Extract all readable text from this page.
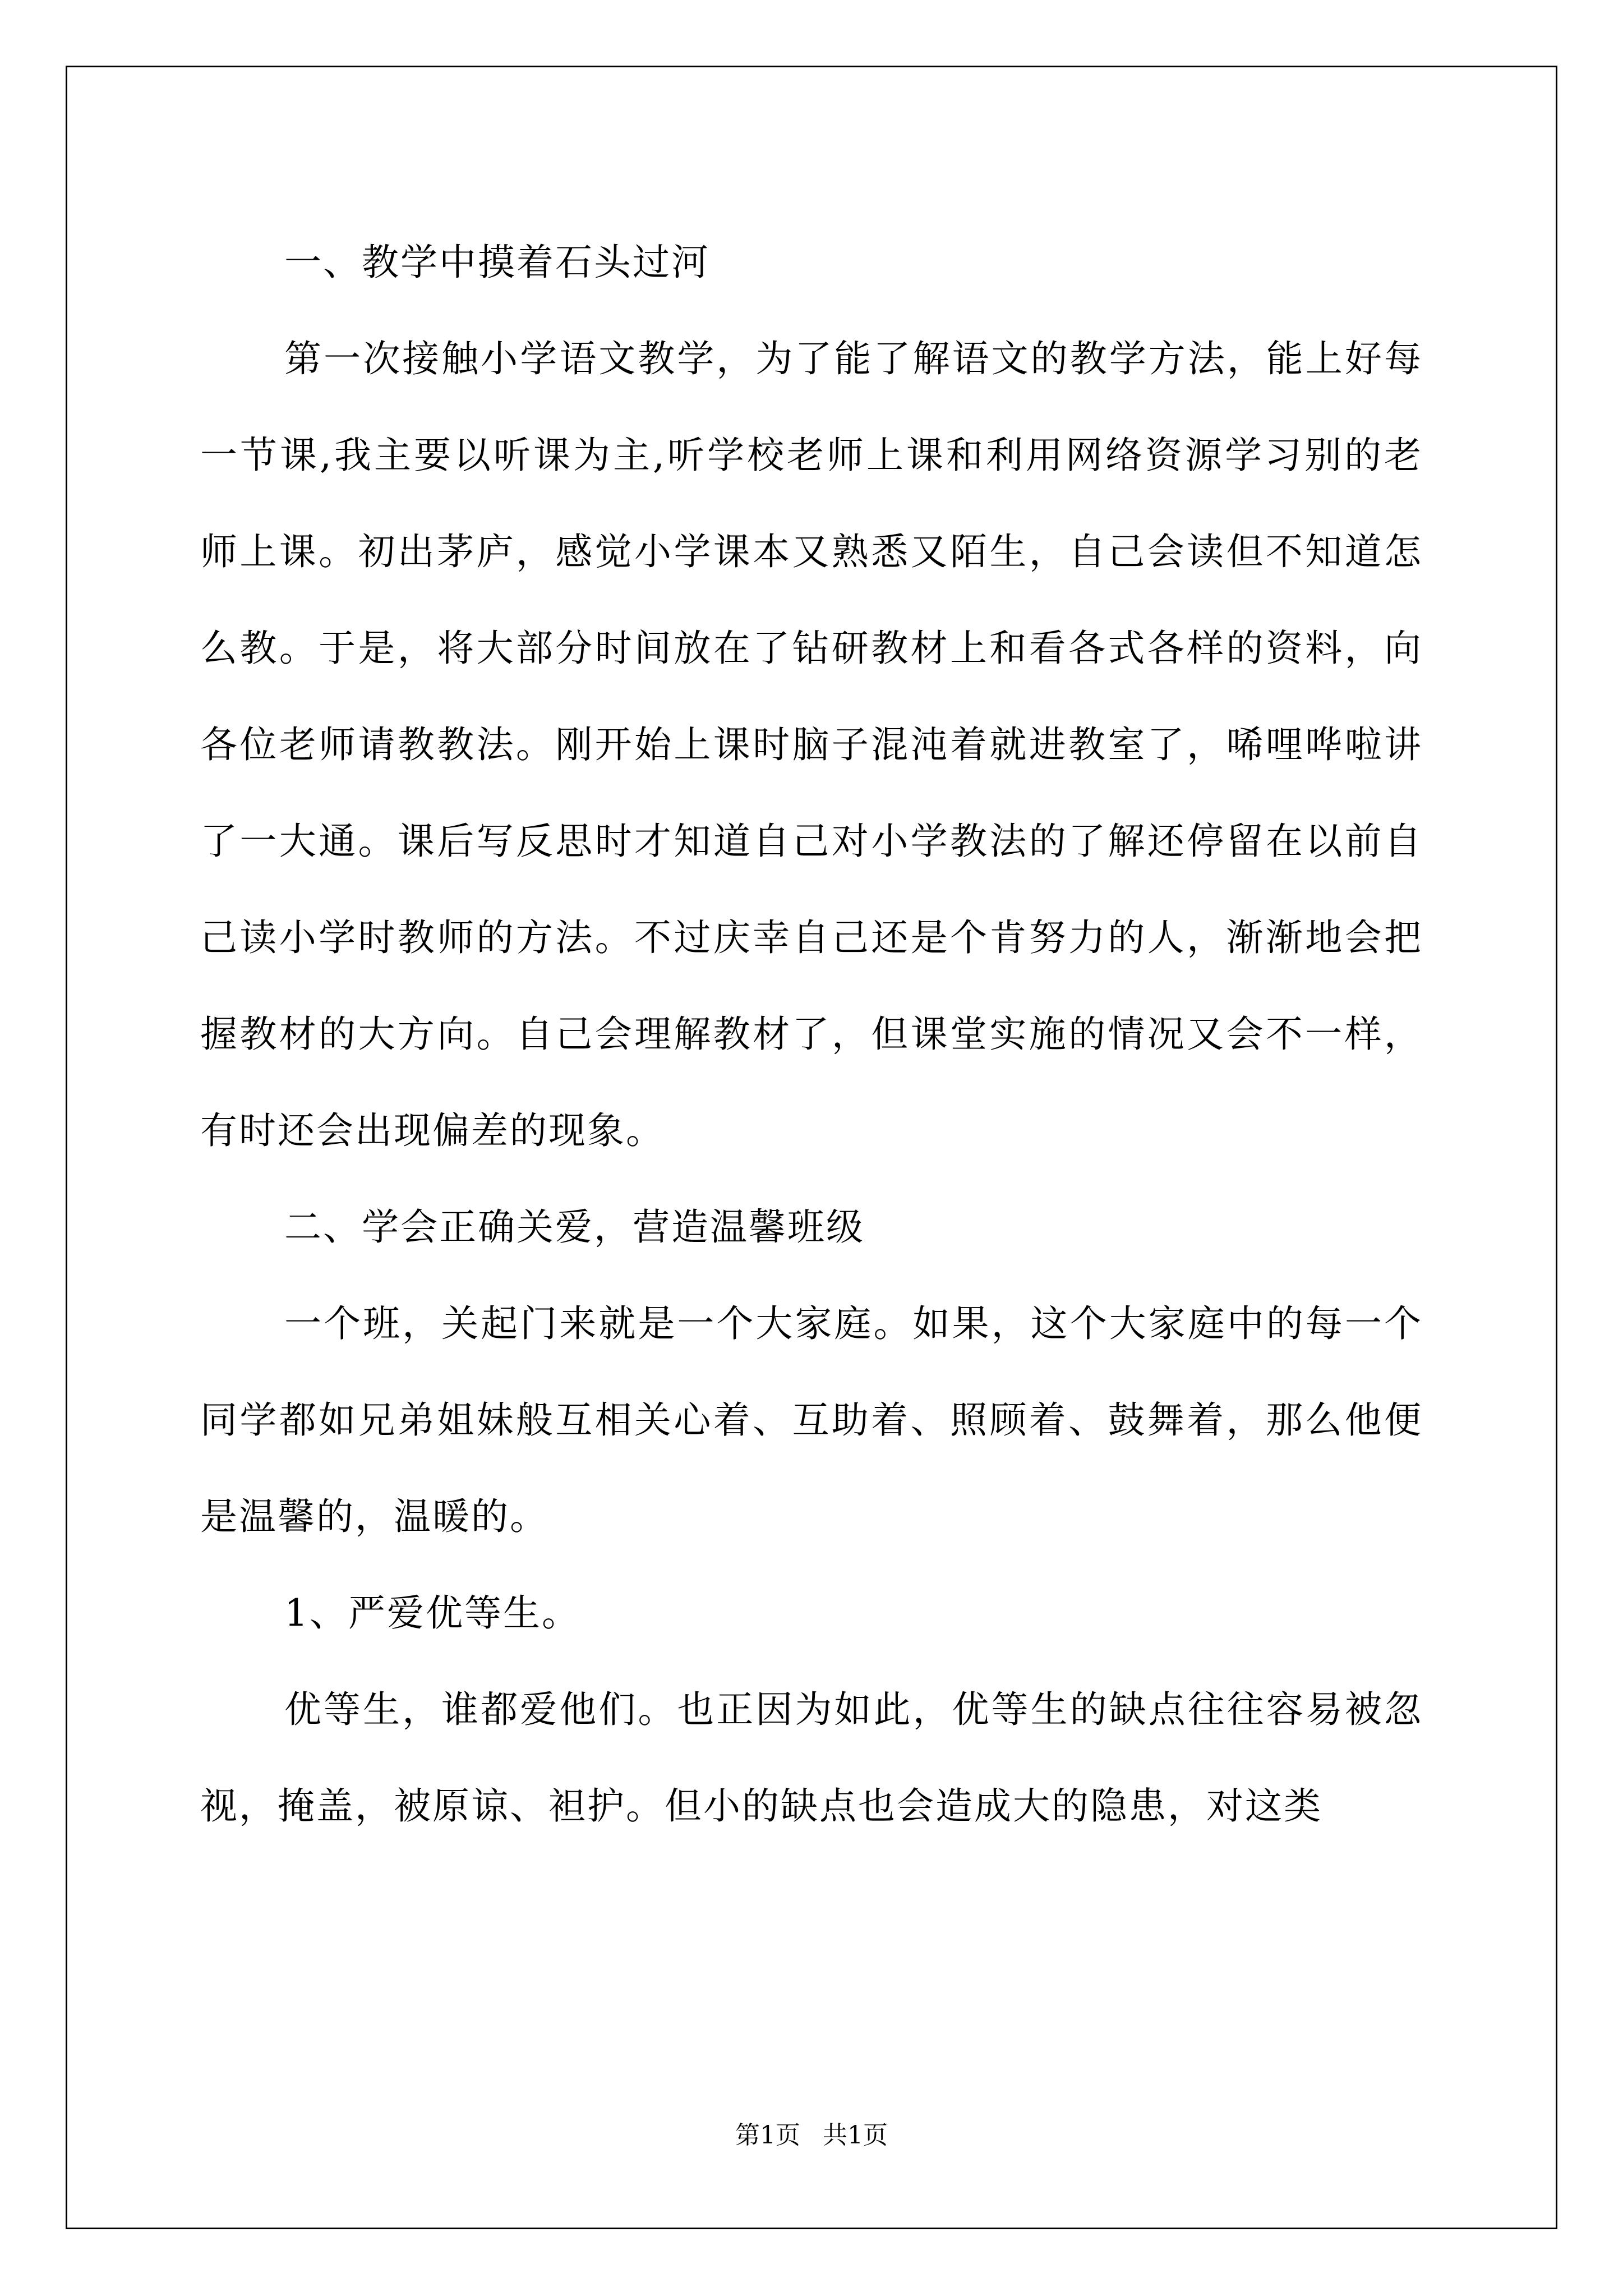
一、教学中摸着石头过河

第一次接触小学语文教学，为了能了解语文的教学方法，能上好每一节课,我主要以听课为主,听学校老师上课和利用网络资源学习别的老师上课。初出茅庐，感觉小学课本又熟悉又陌生，自己会读但不知道怎么教。于是，将大部分时间放在了钻研教材上和看各式各样的资料，向各位老师请教教法。刚开始上课时脑子混沌着就进教室了，唏哩哗啦讲了一大通。课后写反思时才知道自己对小学教法的了解还停留在以前自己读小学时教师的方法。不过庆幸自己还是个肯努力的人，渐渐地会把握教材的大方向。自己会理解教材了，但课堂实施的情况又会不一样，有时还会出现偏差的现象。

二、学会正确关爱，营造温馨班级

一个班，关起门来就是一个大家庭。如果，这个大家庭中的每一个同学都如兄弟姐妹般互相关心着、互助着、照顾着、鼓舞着，那么他便是温馨的，温暖的。

1、严爱优等生。

优等生，谁都爱他们。也正因为如此，优等生的缺点往往容易被忽视，掩盖，被原谅、袒护。但小的缺点也会造成大的隐患，对这类

第1页 共1页
